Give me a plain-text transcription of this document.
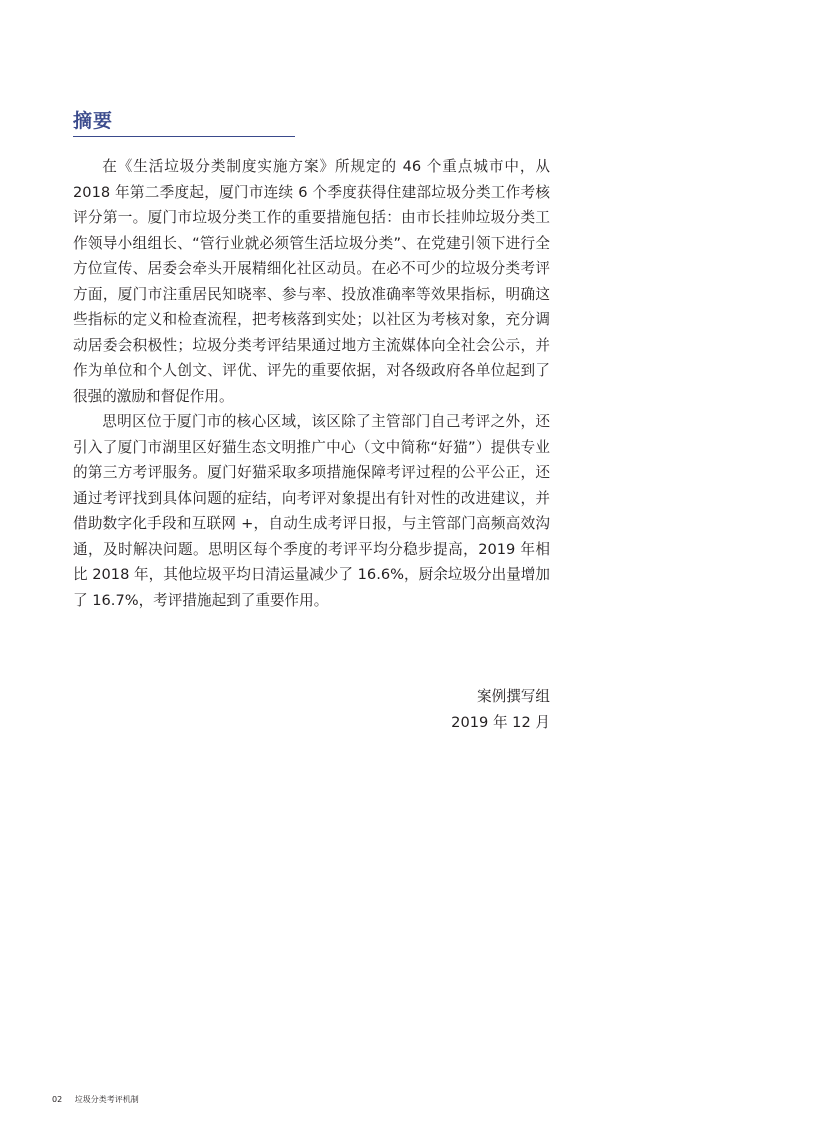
摘要

在《生活垃圾分类制度实施方案》所规定的 46 个重点城市中，从 2018 年第二季度起，厦门市连续 6 个季度获得住建部垃圾分类工作考核评分第一。厦门市垃圾分类工作的重要措施包括：由市长挂帅垃圾分类工作领导小组组长、“管行业就必须管生活垃圾分类”、在党建引领下进行全方位宣传、居委会牵头开展精细化社区动员。在必不可少的垃圾分类考评方面，厦门市注重居民知晓率、参与率、投放准确率等效果指标，明确这些指标的定义和检查流程，把考核落到实处；以社区为考核对象，充分调动居委会积极性；垃圾分类考评结果通过地方主流媒体向全社会公示，并作为单位和个人创文、评优、评先的重要依据，对各级政府各单位起到了很强的激励和督促作用。

思明区位于厦门市的核心区域，该区除了主管部门自己考评之外，还引入了厦门市湖里区好猫生态文明推广中心（文中简称“好猫”）提供专业的第三方考评服务。厦门好猫采取多项措施保障考评过程的公平公正，还通过考评找到具体问题的症结，向考评对象提出有针对性的改进建议，并借助数字化手段和互联网 +，自动生成考评日报，与主管部门高频高效沟通，及时解决问题。思明区每个季度的考评平均分稳步提高，2019 年相比 2018 年，其他垃圾平均日清运量减少了 16.6%，厨余垃圾分出量增加了 16.7%，考评措施起到了重要作用。

案例撰写组
2019 年 12 月
02 垃圾分类考评机制
